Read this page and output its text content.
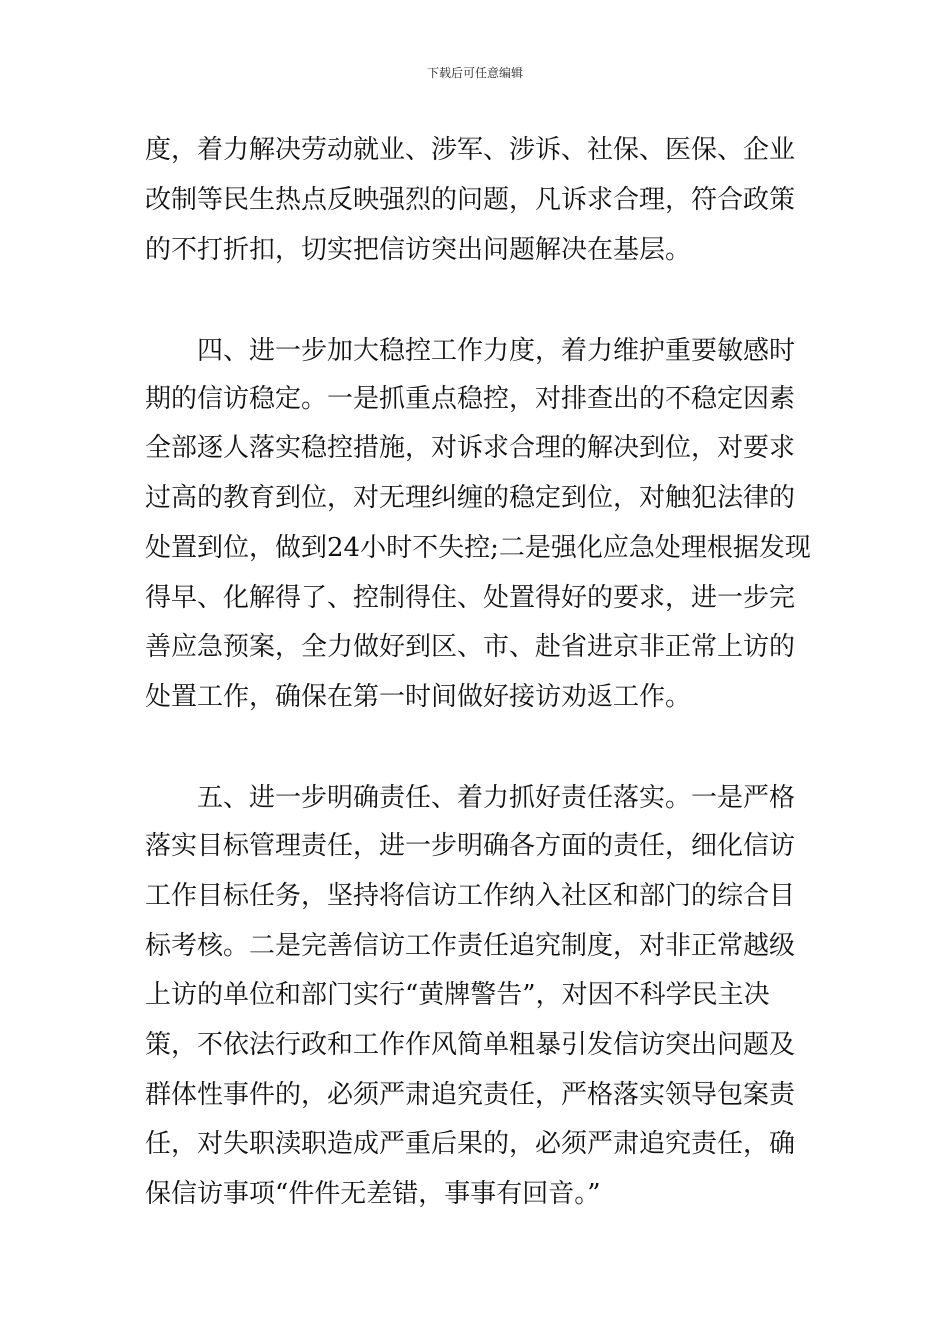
下载后可任意编辑
度，着力解决劳动就业、涉军、涉诉、社保、医保、企业
改制等民生热点反映强烈的问题，凡诉求合理，符合政策
的不打折扣，切实把信访突出问题解决在基层。
四、进一步加大稳控工作力度，着力维护重要敏感时
期的信访稳定。一是抓重点稳控，对排查出的不稳定因素
全部逐人落实稳控措施，对诉求合理的解决到位，对要求
过高的教育到位，对无理纠缠的稳定到位，对触犯法律的
处置到位，做到24小时不失控;二是强化应急处理根据发现
得早、化解得了、控制得住、处置得好的要求，进一步完
善应急预案，全力做好到区、市、赴省进京非正常上访的
处置工作，确保在第一时间做好接访劝返工作。
五、进一步明确责任、着力抓好责任落实。一是严格
落实目标管理责任，进一步明确各方面的责任，细化信访
工作目标任务，坚持将信访工作纳入社区和部门的综合目
标考核。二是完善信访工作责任追究制度，对非正常越级
上访的单位和部门实行“黄牌警告”，对因不科学民主决
策，不依法行政和工作作风简单粗暴引发信访突出问题及
群体性事件的，必须严肃追究责任，严格落实领导包案责
任，对失职渎职造成严重后果的，必须严肃追究责任，确
保信访事项“件件无差错，事事有回音。”
